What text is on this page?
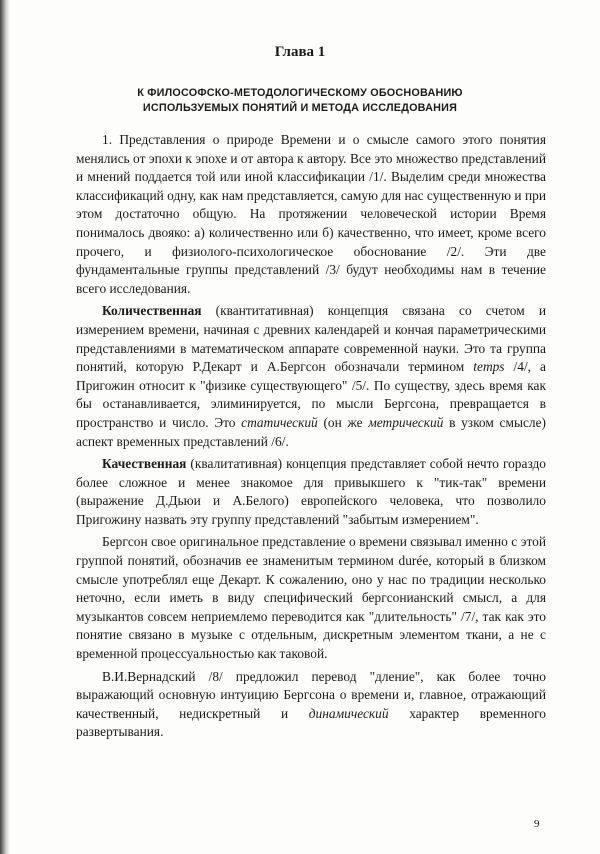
Глава 1
К ФИЛОСОФСКО-МЕТОДОЛОГИЧЕСКОМУ ОБОСНОВАНИЮ
ИСПОЛЬЗУЕМЫХ ПОНЯТИЙ И МЕТОДА ИССЛЕДОВАНИЯ

1. Представления о природе Времени и о смысле самого этого понятия менялись от эпохи к эпохе и от автора к автору. Все это множество представлений и мнений поддается той или иной классификации /1/. Выделим среди множества классификаций одну, как нам представляется, самую для нас существенную и при этом достаточно общую. На протяжении человеческой истории Время понималось двояко: а) количественно или б) качественно, что имеет, кроме всего прочего, и физиолого-психологическое обоснование /2/. Эти две фундаментальные группы представлений /3/ будут необходимы нам в течение всего исследования.

Количественная (квантитативная) концепция связана со счетом и измерением времени, начиная с древних календарей и кончая параметрическими представлениями в математическом аппарате современной науки. Это та группа понятий, которую Р.Декарт и А.Бергсон обозначали термином temps /4/, а Пригожин относит к "физике существующего" /5/. По существу, здесь время как бы останавливается, элиминируется, по мысли Бергсона, превращается в пространство и число. Это статический (он же метрический в узком смысле) аспект временных представлений /6/.

Качественная (квалитативная) концепция представляет собой нечто гораздо более сложное и менее знакомое для привыкшего к "тик-так" времени (выражение Д.Дьюи и А.Белого) европейского человека, что позволило Пригожину назвать эту группу представлений "забытым измерением".

Бергсон свое оригинальное представление о времени связывал именно с этой группой понятий, обозначив ее знаменитым термином durée, который в близком смысле употреблял еще Декарт. К сожалению, оно у нас по традиции несколько неточно, если иметь в виду специфический бергсонианский смысл, а для музыкантов совсем неприемлемо переводится как "длительность" /7/, так как это понятие связано в музыке с отдельным, дискретным элементом ткани, а не с временной процессуальностью как таковой.

В.И.Вернадский /8/ предложил перевод "дление", как более точно выражающий основную интуицию Бергсона о времени и, главное, отражающий качественный, недискретный и динамический характер временного развертывания.

9
